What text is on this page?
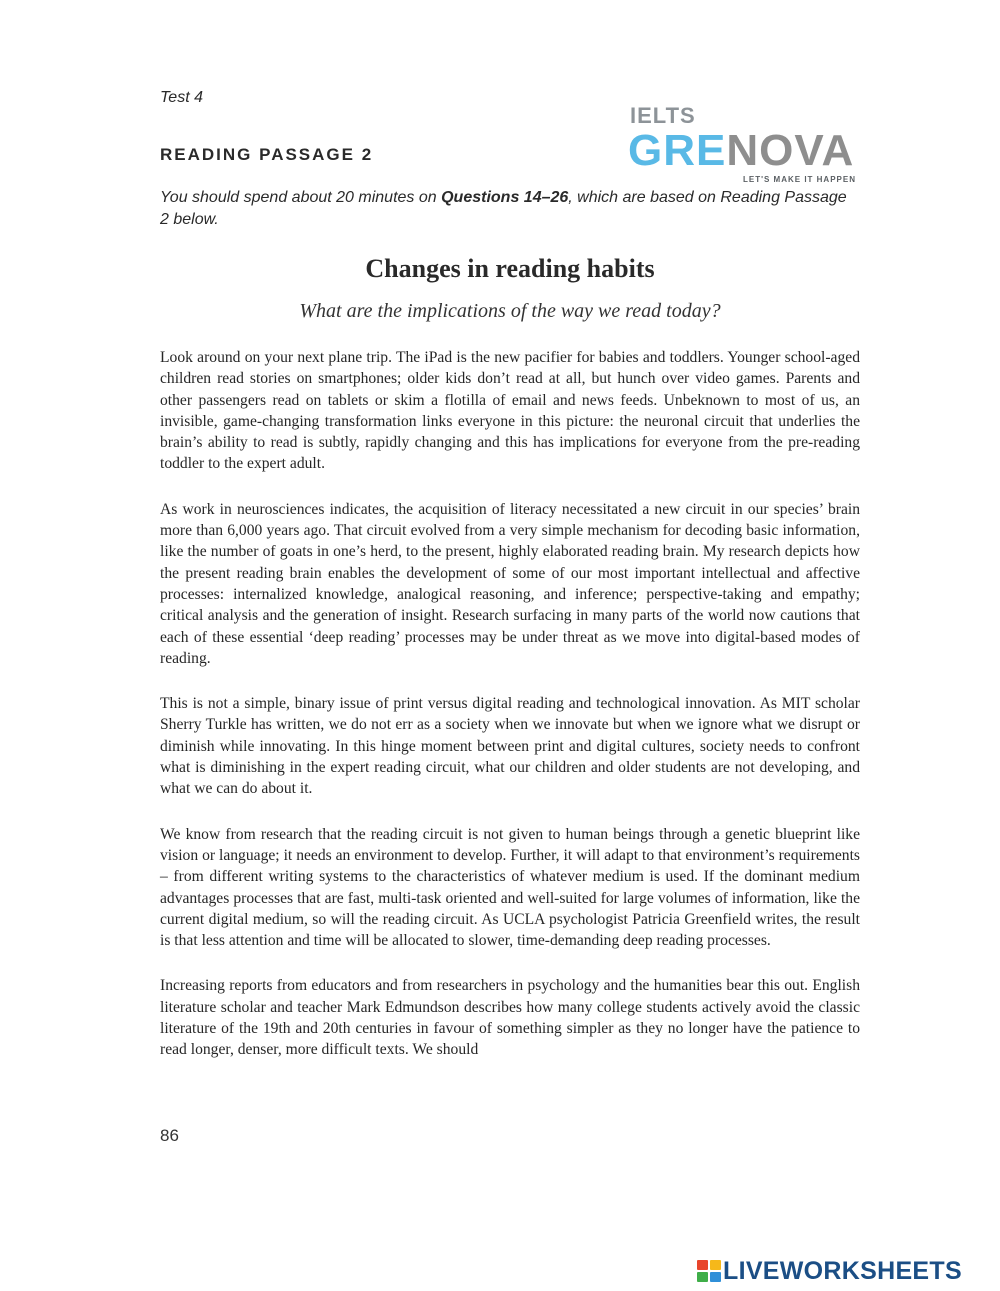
Test 4
READING PASSAGE 2
IELTS
GRENOVA
LET'S MAKE IT HAPPEN
You should spend about 20 minutes on Questions 14–26, which are based on Reading Passage 2 below.
Changes in reading habits
What are the implications of the way we read today?

Look around on your next plane trip. The iPad is the new pacifier for babies and toddlers. Younger school-aged children read stories on smartphones; older kids don’t read at all, but hunch over video games. Parents and other passengers read on tablets or skim a flotilla of email and news feeds. Unbeknown to most of us, an invisible, game-changing transformation links everyone in this picture: the neuronal circuit that underlies the brain’s ability to read is subtly, rapidly changing and this has implications for everyone from the pre-reading toddler to the expert adult.

As work in neurosciences indicates, the acquisition of literacy necessitated a new circuit in our species’ brain more than 6,000 years ago. That circuit evolved from a very simple mechanism for decoding basic information, like the number of goats in one’s herd, to the present, highly elaborated reading brain. My research depicts how the present reading brain enables the development of some of our most important intellectual and affective processes: internalized knowledge, analogical reasoning, and inference; perspective-taking and empathy; critical analysis and the generation of insight. Research surfacing in many parts of the world now cautions that each of these essential ‘deep reading’ processes may be under threat as we move into digital-based modes of reading.

This is not a simple, binary issue of print versus digital reading and technological innovation. As MIT scholar Sherry Turkle has written, we do not err as a society when we innovate but when we ignore what we disrupt or diminish while innovating. In this hinge moment between print and digital cultures, society needs to confront what is diminishing in the expert reading circuit, what our children and older students are not developing, and what we can do about it.

We know from research that the reading circuit is not given to human beings through a genetic blueprint like vision or language; it needs an environment to develop. Further, it will adapt to that environment’s requirements – from different writing systems to the characteristics of whatever medium is used. If the dominant medium advantages processes that are fast, multi-task oriented and well-suited for large volumes of information, like the current digital medium, so will the reading circuit. As UCLA psychologist Patricia Greenfield writes, the result is that less attention and time will be allocated to slower, time-demanding deep reading processes.

Increasing reports from educators and from researchers in psychology and the humanities bear this out. English literature scholar and teacher Mark Edmundson describes how many college students actively avoid the classic literature of the 19th and 20th centuries in favour of something simpler as they no longer have the patience to read longer, denser, more difficult texts. We should

86
LIVEWORKSHEETS
